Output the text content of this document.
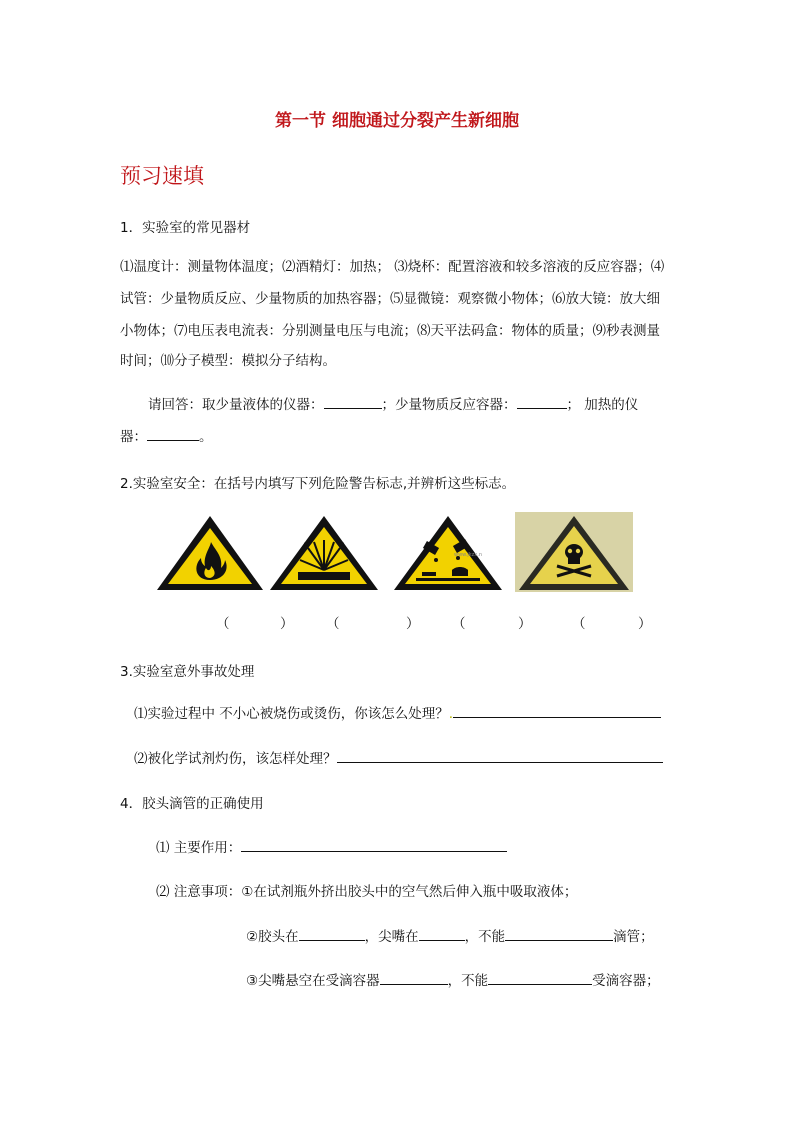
第一节 细胞通过分裂产生新细胞
预习速填
1．实验室的常见器材
⑴温度计：测量物体温度；⑵酒精灯：加热； ⑶烧杯：配置溶液和较多溶液的反应容器；⑷
试管：少量物质反应、少量物质的加热容器；⑸显微镜：观察微小物体；⑹放大镜：放大细
小物体；⑺电压表电流表：分别测量电压与电流；⑻天平法码盒：物体的质量；⑼秒表测量
时间；⑽分子模型：模拟分子结构。
请回答：取少量液体的仪器：	；少量物质反应容器：	； 加热的仪
器：	。
2.实验室安全：在括号内填写下列危险警告标志,并辨析这些标志。
www.jkzx.n
（	） （	） （	）	（	）
3.实验室意外事故处理
⑴实验过程中 不小心被烧伤或烫伤，你该怎么处理？.
⑵被化学试剂灼伤，该怎样处理？
4．胶头滴管的正确使用
⑴ 主要作用：
⑵ 注意事项：①在试剂瓶外挤出胶头中的空气然后伸入瓶中吸取液体；
②胶头在	，尖嘴在	，不能	滴管；
③尖嘴悬空在受滴容器	，不能	受滴容器；
